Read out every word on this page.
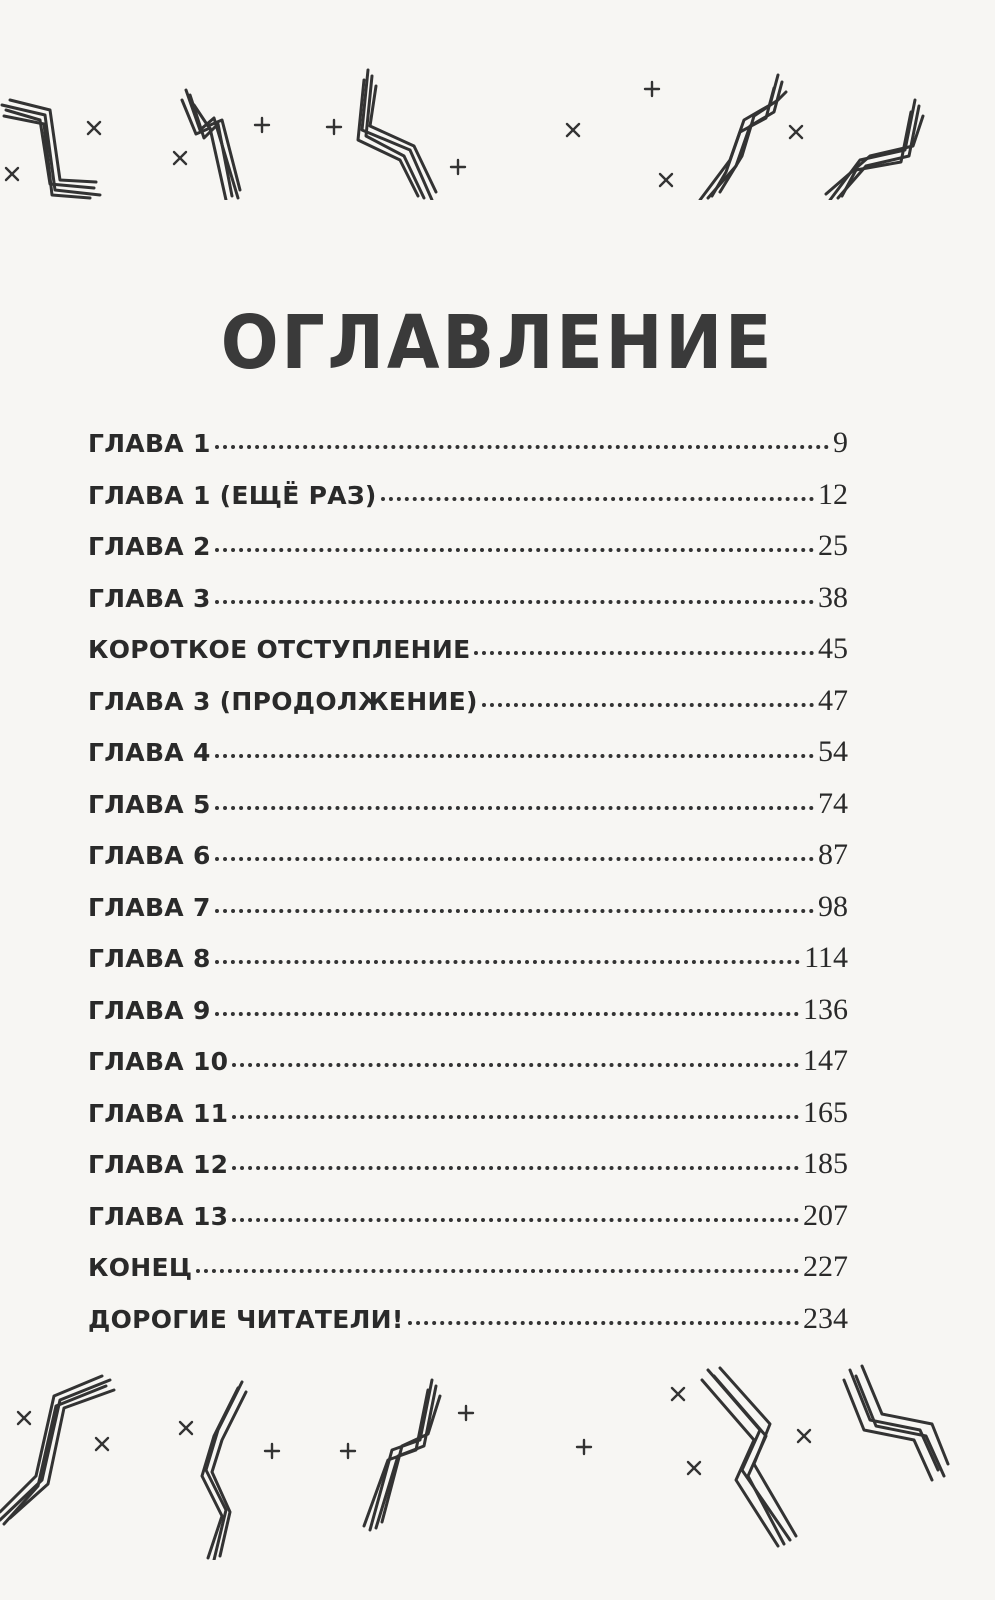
ОГЛАВЛЕНИЕ
ГЛАВА 1	9
ГЛАВА 1 (ЕЩЁ РАЗ)	12
ГЛАВА 2	25
ГЛАВА 3	38
КОРОТКОЕ ОТСТУПЛЕНИЕ	45
ГЛАВА 3 (ПРОДОЛЖЕНИЕ)	47
ГЛАВА 4	54
ГЛАВА 5	74
ГЛАВА 6	87
ГЛАВА 7	98
ГЛАВА 8	114
ГЛАВА 9	136
ГЛАВА 10	147
ГЛАВА 11	165
ГЛАВА 12	185
ГЛАВА 13	207
КОНЕЦ	227
ДОРОГИЕ ЧИТАТЕЛИ!	234
